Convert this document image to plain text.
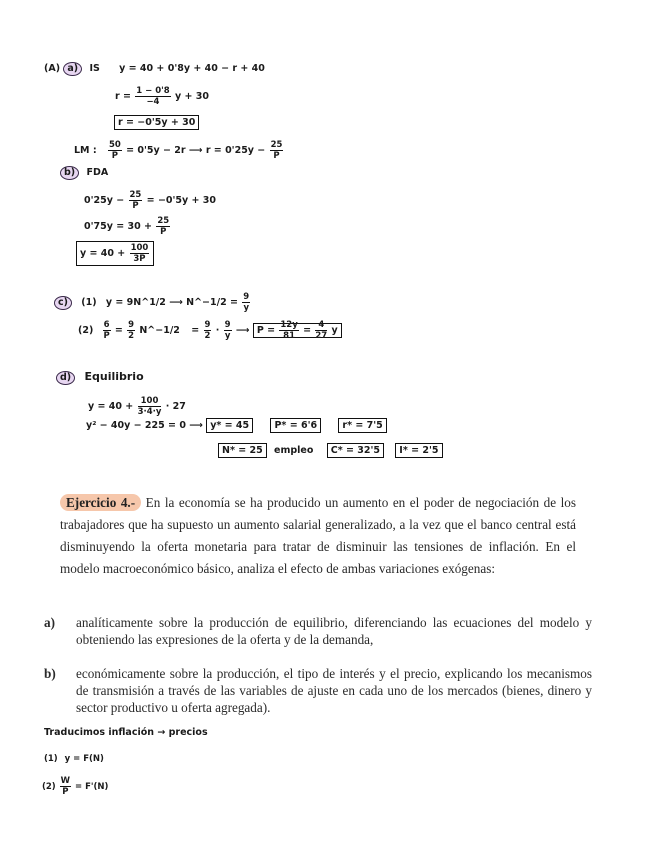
(A) a) IS y = 40 + 0'8y + 40 − r + 40
$r = \frac{1 - 0'8}{-4}$ y + 30
r = −0'5y + 30
LM : $\frac{50}{P} = 0'5y - 2r$ ⟶ $r = 0'25y - \frac{25}{P}$
b) FDA
$0'25y - \frac{25}{P} = -0'5y + 30$
$0'75y = 30 + \frac{25}{P}$
$y = 40 + \frac{100}{3P}$
c) (1) y = 9N^1/2 ⟶ N^−1/2 = $\frac{9}{y}$
$(2) \frac{6}{P} = \frac{9}{2}$ N^−1/2 = $\frac{9}{2} \cdot \frac{9}{y}$ ⟶ $P = \frac{12y}{81} = \frac{4}{27}$ y
d) Equilibrio
$y = 40 + \frac{100}{3\cdot 4\cdot y} \cdot 27$
y² − 40y − 225 = 0 ⟶ y* = 45	P* = 6'6	r* = 7'5
N* = 25 empleo C* = 32'5 I* = 2'5
Ejercicio 4.- En la economía se ha producido un aumento en el poder de negociación de los trabajadores que ha supuesto un aumento salarial generalizado, a la vez que el banco central está disminuyendo la oferta monetaria para tratar de disminuir las tensiones de inflación. En el modelo macroeconómico básico, analiza el efecto de ambas variaciones exógenas:
a) analíticamente sobre la producción de equilibrio, diferenciando las ecuaciones del modelo y obteniendo las expresiones de la oferta y de la demanda,
b) económicamente sobre la producción, el tipo de interés y el precio, explicando los mecanismos de transmisión a través de las variables de ajuste en cada uno de los mercados (bienes, dinero y sector productivo u oferta agregada).
Traducimos inflación → precios
(1) y = F(N)
$(2) \frac{W}{P} = F'(N)$
